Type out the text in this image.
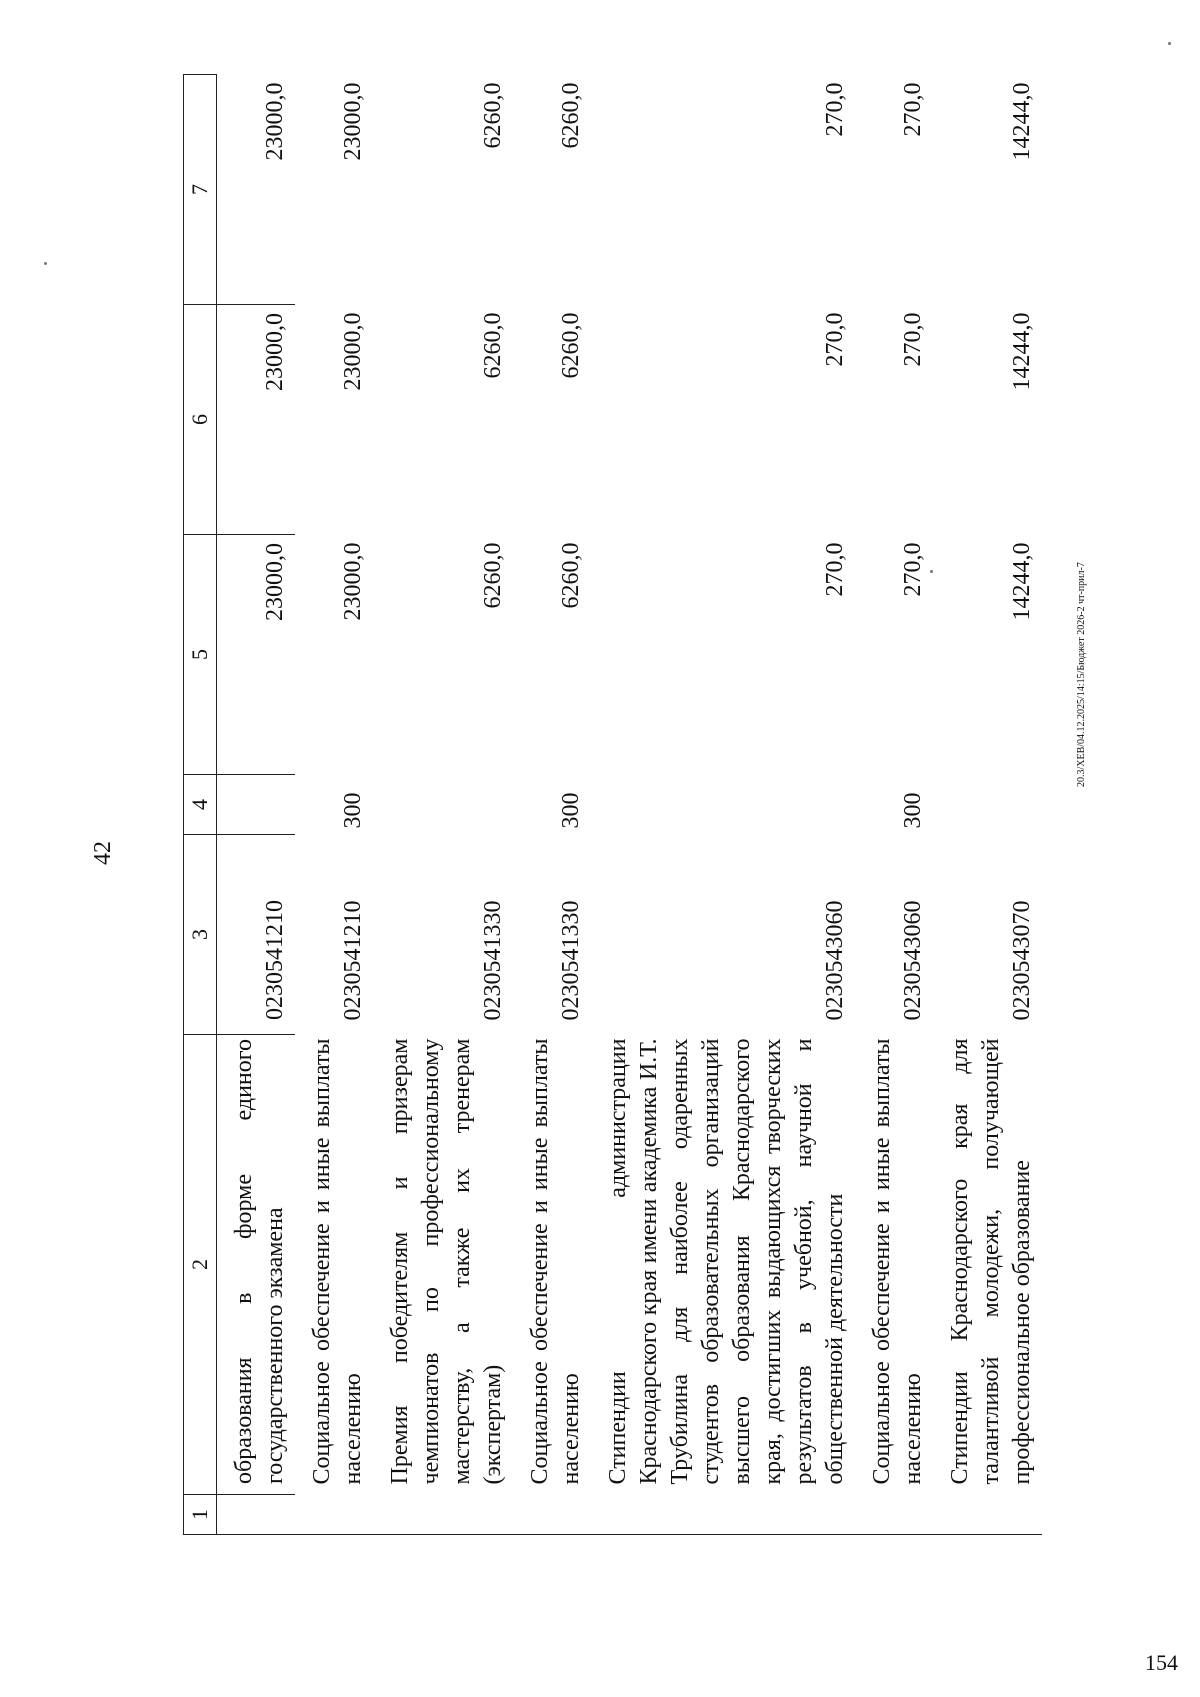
42
1	2	3	4	5	6	7
	образования в форме единого государственного экзамена	0230541210		23000,0	23000,0	23000,0
	Социальное обеспечение и иные выплаты населению	0230541210	300	23000,0	23000,0	23000,0
	Премия победителям и призерам чемпионатов по профессиональному мастерству, а также их тренерам (экспертам)	0230541330		6260,0	6260,0	6260,0
	Социальное обеспечение и иные выплаты населению	0230541330	300	6260,0	6260,0	6260,0
	Стипендии администрации Краснодарского края имени академика И.Т. Трубилина для наиболее одаренных студентов образовательных организаций высшего образования Краснодарского края, достигших выдающихся творческих результатов в учебной, научной и общественной деятельности	0230543060		270,0	270,0	270,0
	Социальное обеспечение и иные выплаты населению	0230543060	300	270,0	270,0	270,0
	Стипендии Краснодарского края для талантливой молодежи, получающей профессиональное образование	0230543070		14244,0	14244,0	14244,0
20.3/XEB/04.12.2025/14:15/Бюджет 2026-2 чт-прил-7
154
